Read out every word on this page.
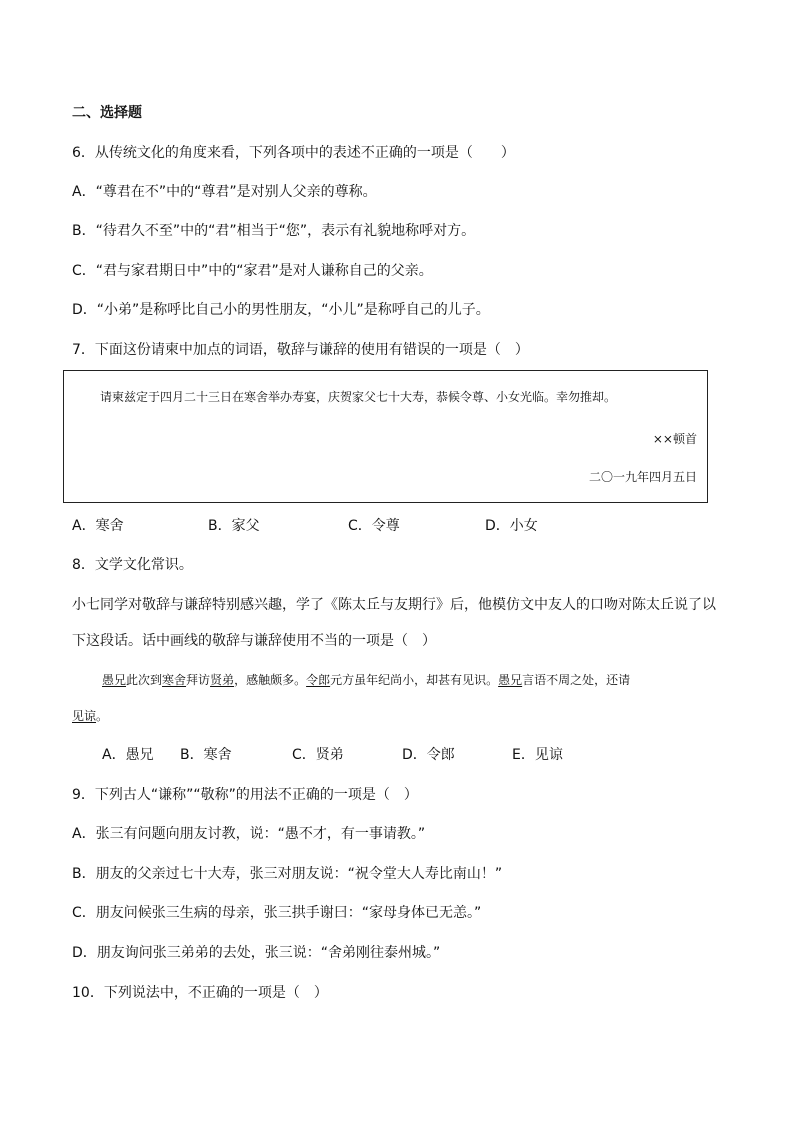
二、选择题
6．从传统文化的角度来看，下列各项中的表述不正确的一项是（　　）
A．“尊君在不”中的“尊君”是对别人父亲的尊称。
B．“待君久不至”中的“君”相当于“您”，表示有礼貌地称呼对方。
C．“君与家君期日中”中的“家君”是对人谦称自己的父亲。
D．“小弟”是称呼比自己小的男性朋友，“小儿”是称呼自己的儿子。
7．下面这份请柬中加点的词语，敬辞与谦辞的使用有错误的一项是（　）
请柬兹定于四月二十三日在寒舍举办寿宴，庆贺家父七十大寿，恭候令尊、小女光临。幸勿推却。
××顿首
二〇一九年四月五日
A．寒舍	B．家父	C．令尊	D．小女
8．文学文化常识。
小七同学对敬辞与谦辞特别感兴趣，学了《陈太丘与友期行》后，他模仿文中友人的口吻对陈太丘说了以
下这段话。话中画线的敬辞与谦辞使用不当的一项是（　）
愚兄此次到寒舍拜访贤弟，感触颇多。令郎元方虽年纪尚小，却甚有见识。愚兄言语不周之处，还请
见谅。
A．愚兄 B．寒舍	C．贤弟	D．令郎	E．见谅
9．下列古人“谦称”“敬称”的用法不正确的一项是（　）
A．张三有问题向朋友讨教，说：“愚不才，有一事请教。”
B．朋友的父亲过七十大寿，张三对朋友说：“祝令堂大人寿比南山！”
C．朋友问候张三生病的母亲，张三拱手谢曰：“家母身体已无恙。”
D．朋友询问张三弟弟的去处，张三说：“舍弟刚往泰州城。”
10．下列说法中，不正确的一项是（　）
